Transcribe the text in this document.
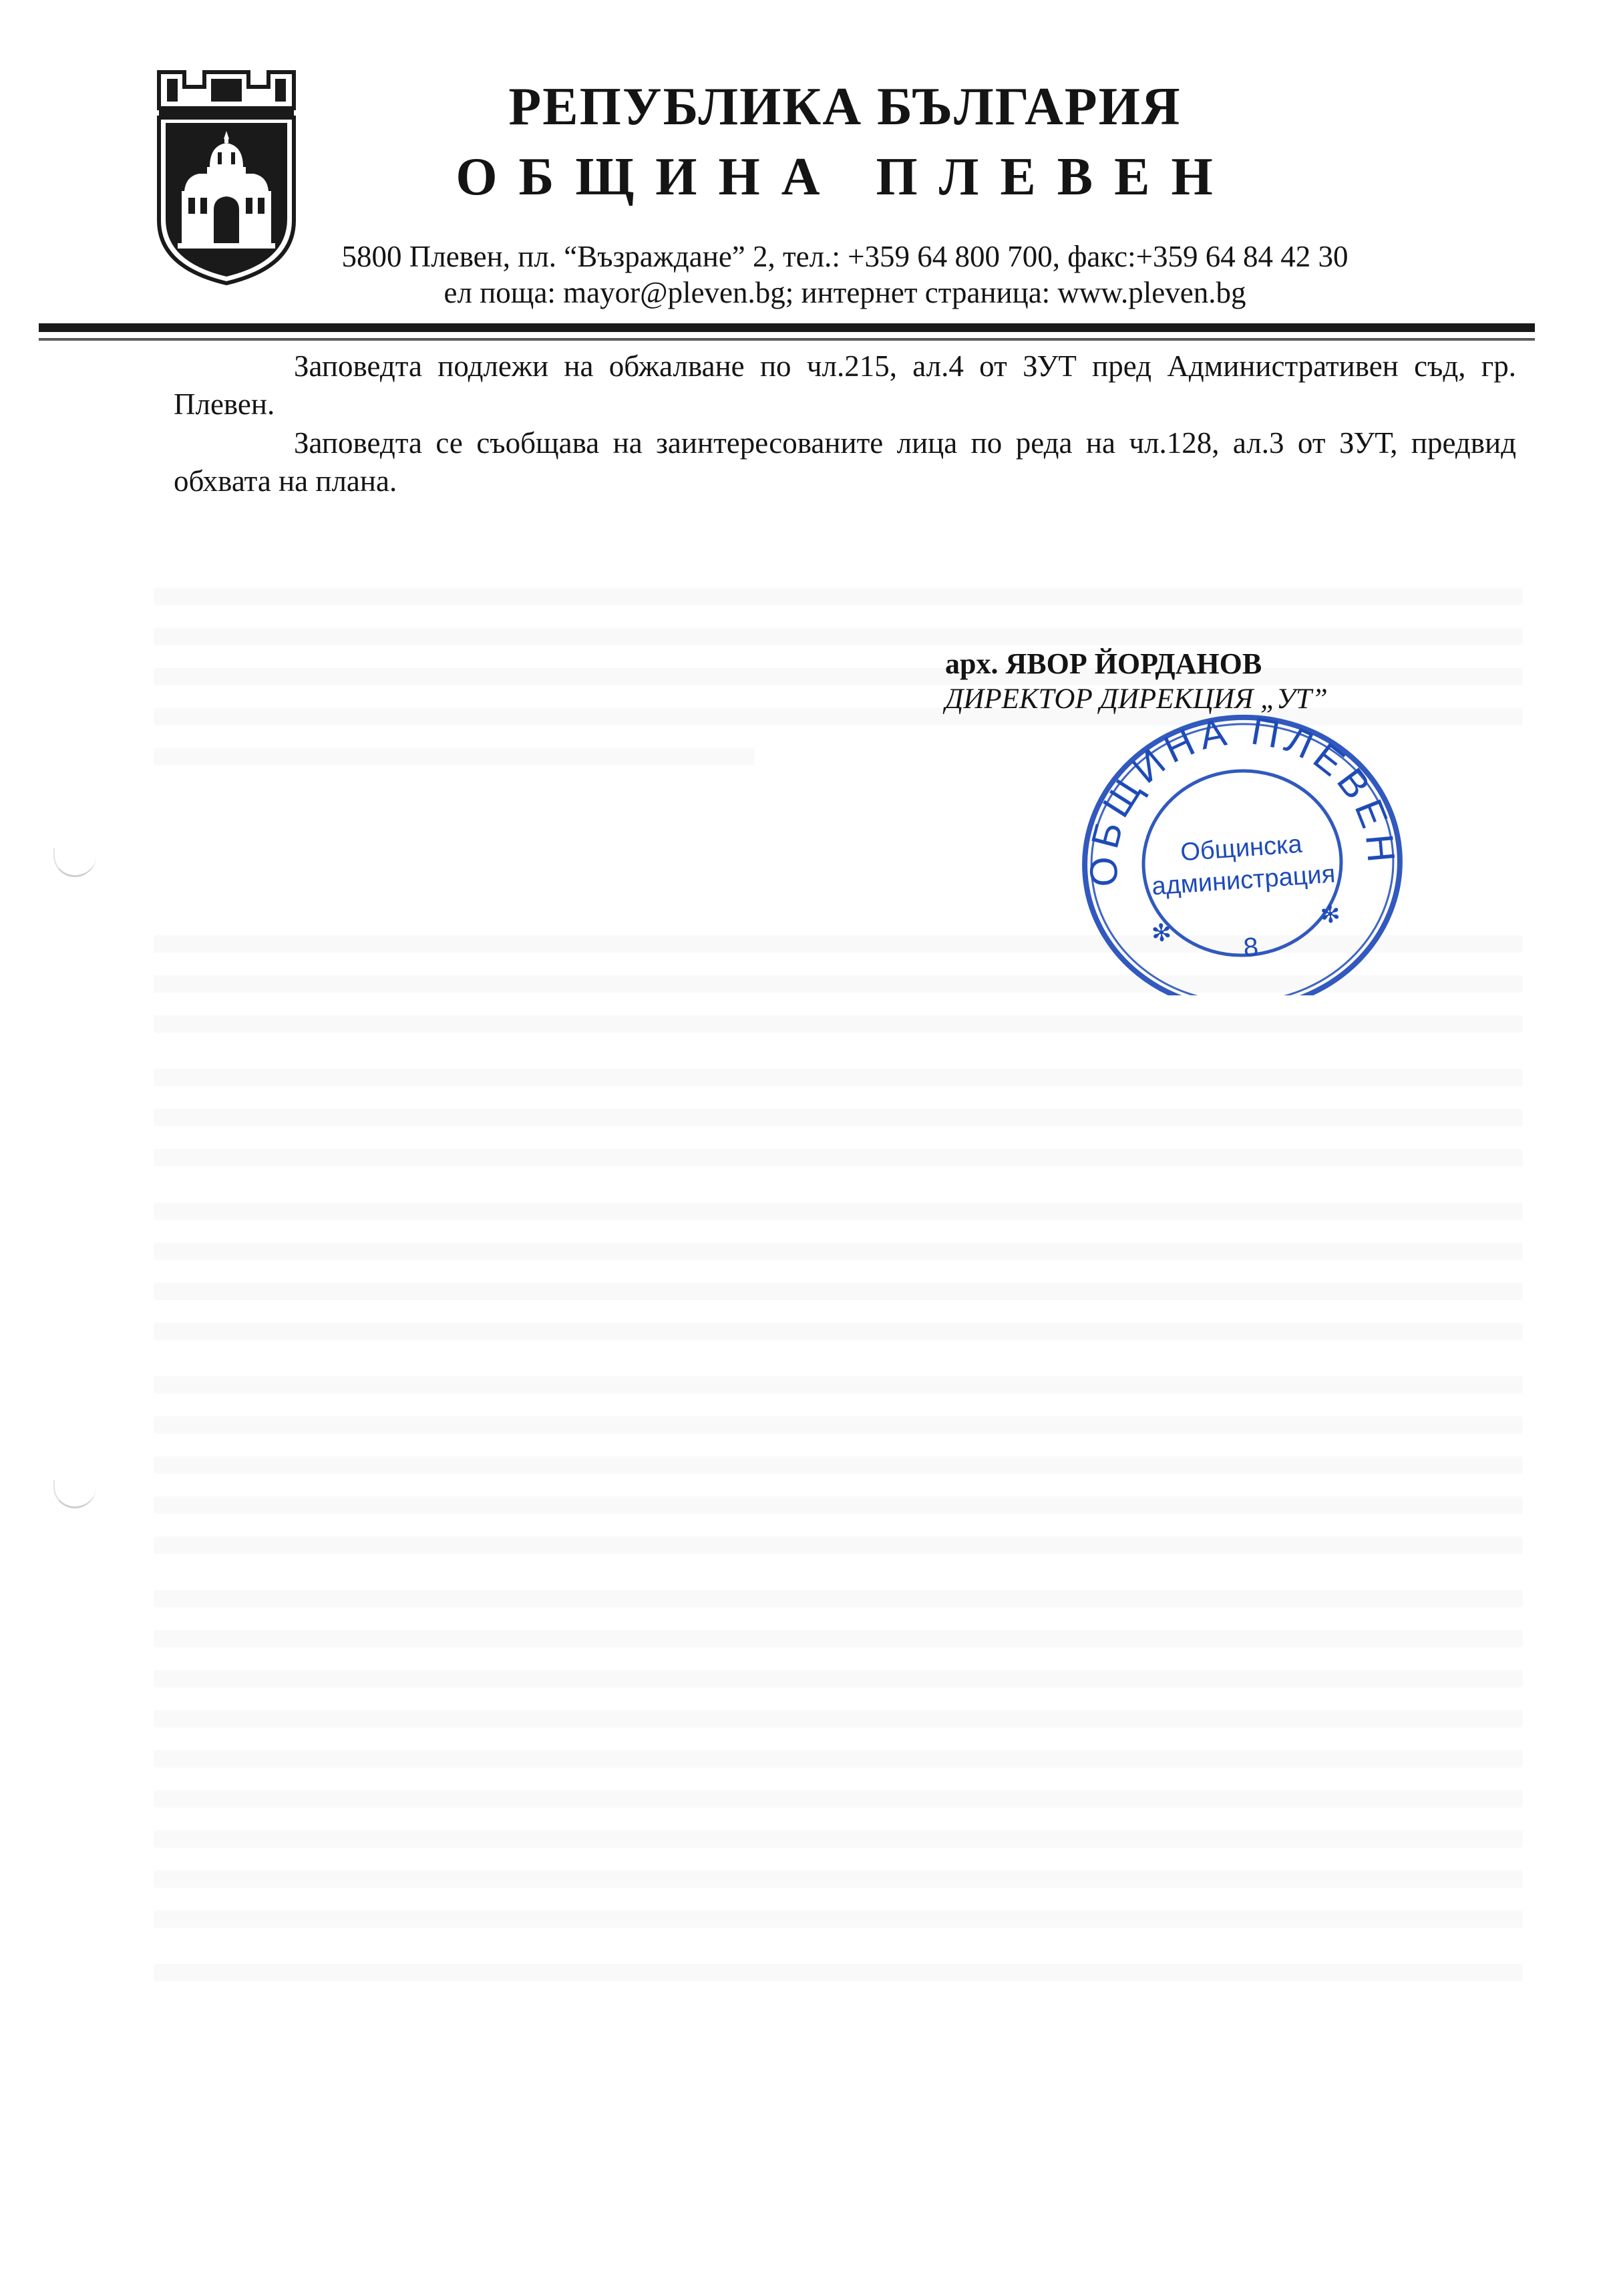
РЕПУБЛИКА БЪЛГАРИЯ
ОБЩИНА ПЛЕВЕН
5800 Плевен, пл. “Възраждане” 2, тел.: +359 64 800 700, факс:+359 64 84 42 30
ел поща: mayor@pleven.bg; интернет страница: www.pleven.bg

Заповедта подлежи на обжалване по чл.215, ал.4 от ЗУТ пред Административен съд, гр. Плевен.

Заповедта се съобщава на заинтересованите лица по реда на чл.128, ал.3 от ЗУТ, предвид обхвата на плана.

арх. ЯВОР ЙОРДАНОВ
ДИРЕКТОР ДИРЕКЦИЯ „УТ”
ОБЩИНА ПЛЕВЕН
Общинска
администрация
8
✻
✻
